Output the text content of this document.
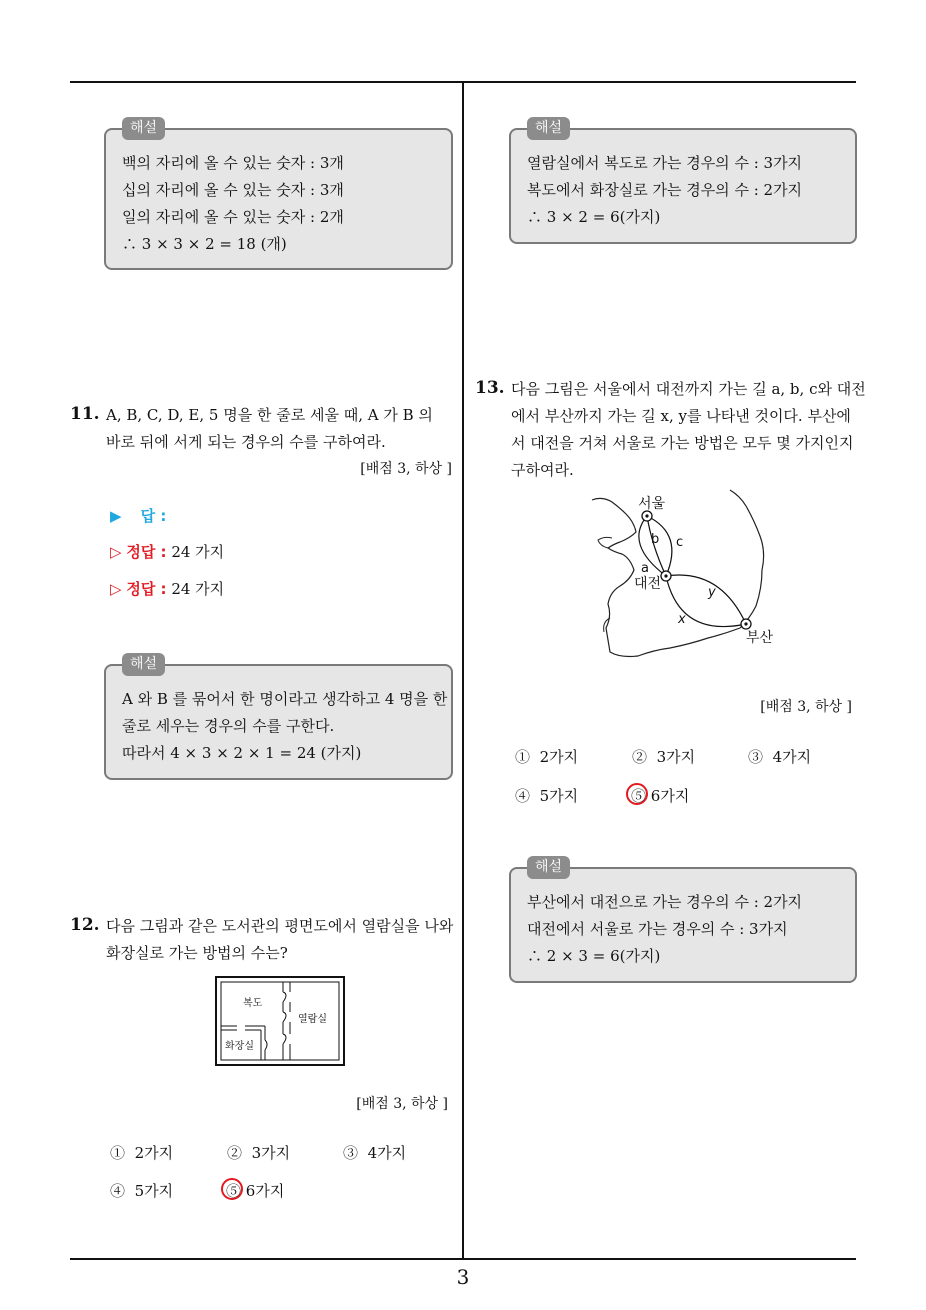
해설
백의 자리에 올 수 있는 숫자 : 3개
십의 자리에 올 수 있는 숫자 : 3개
일의 자리에 올 수 있는 숫자 : 2개
∴ 3 × 3 × 2 = 18 (개)
11. A, B, C, D, E, 5 명을 한 줄로 세울 때, A 가 B 의
바로 뒤에 서게 되는 경우의 수를 구하여라.
[배점 3, 하상 ]
▶ 답 :
▷ 정답 : 24 가지
▷ 정답 : 24 가지
해설
A 와 B 를 묶어서 한 명이라고 생각하고 4 명을 한
줄로 세우는 경우의 수를 구한다.
따라서 4 × 3 × 2 × 1 = 24 (가지)
12. 다음 그림과 같은 도서관의 평면도에서 열람실을 나와
화장실로 가는 방법의 수는?
복도
열람실
화장실
[배점 3, 하상 ]
① 2가지	② 3가지	③ 4가지
④ 5가지	⑤ 6가지
해설
열람실에서 복도로 가는 경우의 수 : 3가지
복도에서 화장실로 가는 경우의 수 : 2가지
∴ 3 × 2 = 6(가지)
13. 다음 그림은 서울에서 대전까지 가는 길 a, b, c와 대전
에서 부산까지 가는 길 x, y를 나타낸 것이다. 부산에
서 대전을 거쳐 서울로 가는 방법은 모두 몇 가지인지
구하여라.
서울
대전
부산
a
b c
y
x
[배점 3, 하상 ]
① 2가지	② 3가지	③ 4가지
④ 5가지	⑤ 6가지
해설
부산에서 대전으로 가는 경우의 수 : 2가지
대전에서 서울로 가는 경우의 수 : 3가지
∴ 2 × 3 = 6(가지)
3
